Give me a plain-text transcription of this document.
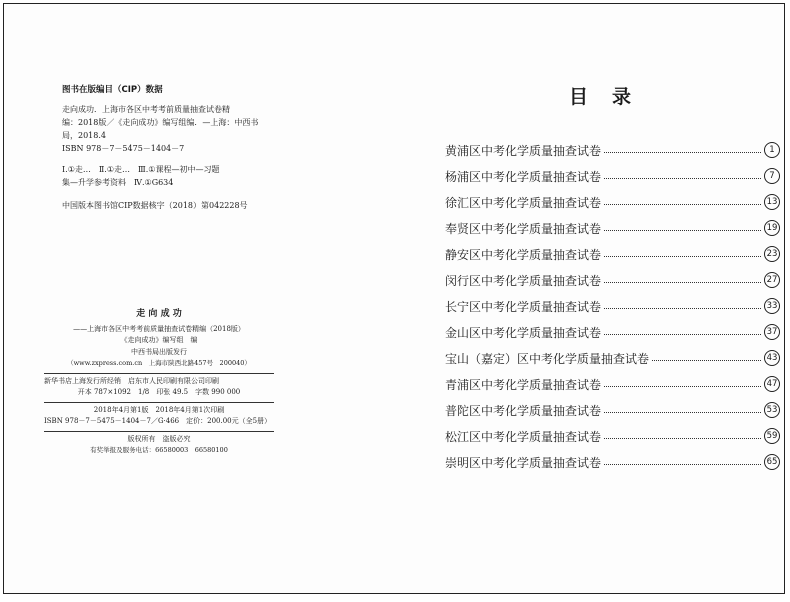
图书在版编目（CIP）数据
走向成功．上海市各区中考考前质量抽查试卷精
编：2018版／《走向成功》编写组编．—上海：中西书
局，2018.4
ISBN 978－7－5475－1404－7
Ⅰ.①走…　Ⅱ.①走…　Ⅲ.①课程—初中—习题
集—升学参考资料　Ⅳ.①G634
中国版本图书馆CIP数据核字（2018）第042228号
走 向 成 功
——上海市各区中考考前质量抽查试卷精编（2018版）
《走向成功》编写组　编
中西书局出版发行
（www.zxpress.com.cn　上海市陕西北路457号　200040）
新华书店上海发行所经销　启东市人民印刷有限公司印刷
开本 787×1092　1/8　印张 49.5　字数 990 000
2018年4月第1版　2018年4月第1次印刷
ISBN 978－7－5475－1404－7／G·466　定价：200.00元（全5册）
版权所有　盗版必究
有奖举报及服务电话：66580003　66580100
目录
黄浦区中考化学质量抽查试卷	1
杨浦区中考化学质量抽查试卷	7
徐汇区中考化学质量抽查试卷	13
奉贤区中考化学质量抽查试卷	19
静安区中考化学质量抽查试卷	23
闵行区中考化学质量抽查试卷	27
长宁区中考化学质量抽查试卷	33
金山区中考化学质量抽查试卷	37
宝山（嘉定）区中考化学质量抽查试卷	43
青浦区中考化学质量抽查试卷	47
普陀区中考化学质量抽查试卷	53
松江区中考化学质量抽查试卷	59
崇明区中考化学质量抽查试卷	65
